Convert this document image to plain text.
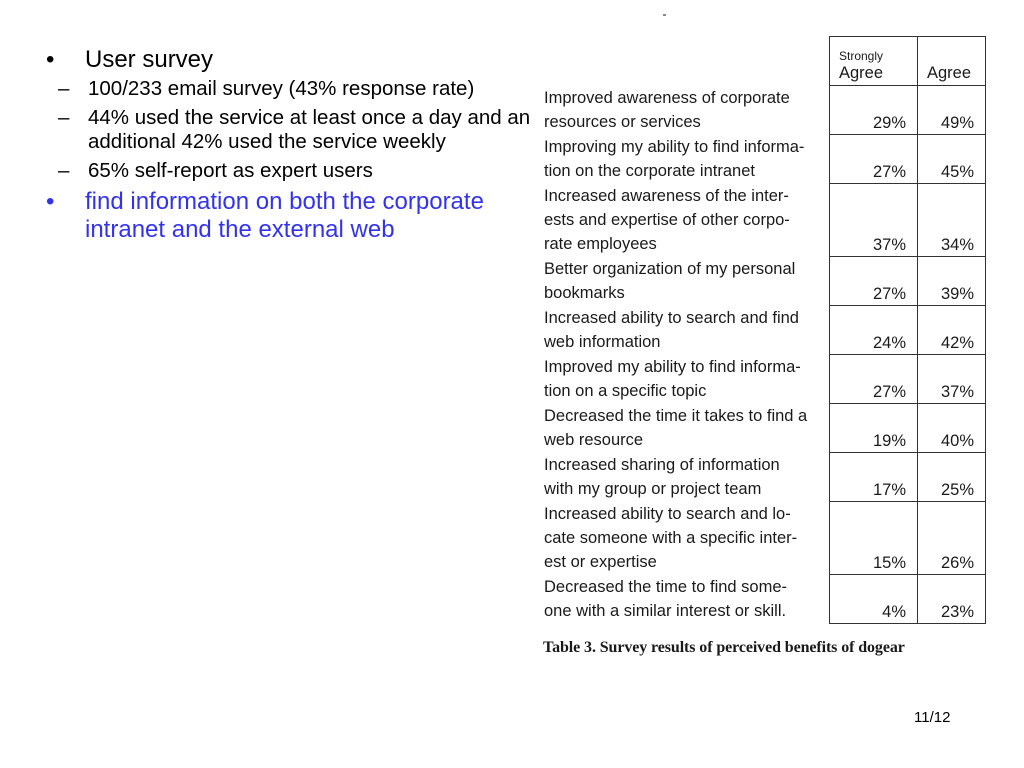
• User survey
– 100/233 email survey (43% response rate)
– 44% used the service at least once a day and an additional 42% used the service weekly
– 65% self-report as expert users
• find information on both the corporate intranet and the external web

	Strongly
Agree	Agree

Improved awareness of corporate
resources or services	29%	49%
Improving my ability to find informa-
tion on the corporate intranet	27%	45%
Increased awareness of the inter-
ests and expertise of other corpo-
rate employees	37%	34%
Better organization of my personal
bookmarks	27%	39%
Increased ability to search and find
web information	24%	42%
Improved my ability to find informa-
tion on a specific topic	27%	37%
Decreased the time it takes to find a
web resource	19%	40%
Increased sharing of information
with my group or project team	17%	25%
Increased ability to search and lo-
cate someone with a specific inter-
est or expertise	15%	26%
Decreased the time to find some-
one with a similar interest or skill.	4%	23%
Table 3. Survey results of perceived benefits of dogear
11/12
